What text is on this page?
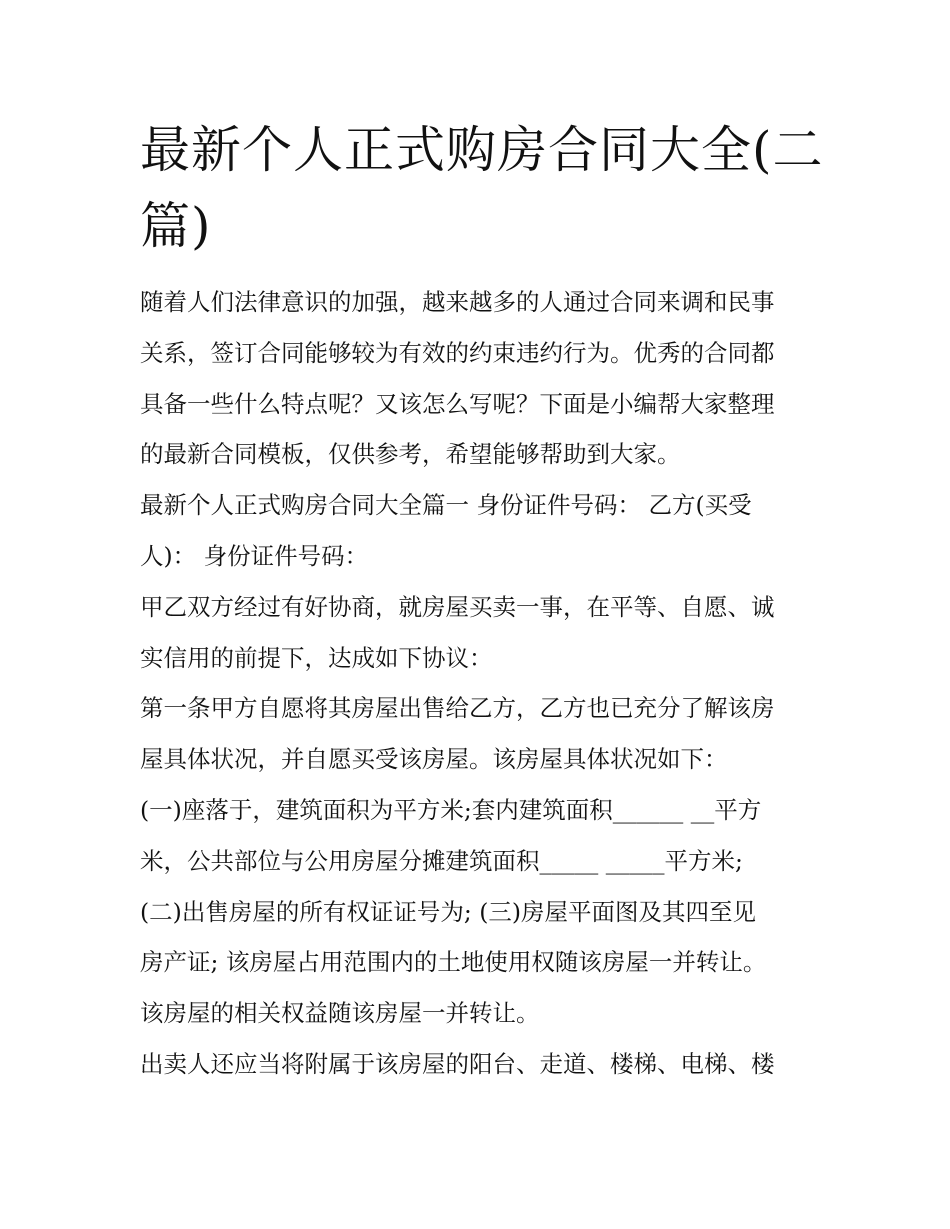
最新个人正式购房合同大全(二
篇)
随着人们法律意识的加强，越来越多的人通过合同来调和民事
关系，签订合同能够较为有效的约束违约行为。优秀的合同都
具备一些什么特点呢？又该怎么写呢？下面是小编帮大家整理
的最新合同模板，仅供参考，希望能够帮助到大家。
最新个人正式购房合同大全篇一 身份证件号码： 乙方(买受
人)： 身份证件号码：
甲乙双方经过有好协商，就房屋买卖一事，在平等、自愿、诚
实信用的前提下，达成如下协议：
第一条甲方自愿将其房屋出售给乙方，乙方也已充分了解该房
屋具体状况，并自愿买受该房屋。该房屋具体状况如下：
(一)座落于，建筑面积为平方米;套内建筑面积______ __平方
米，公共部位与公用房屋分摊建筑面积_____ _____平方米;
(二)出售房屋的所有权证证号为; (三)房屋平面图及其四至见
房产证; 该房屋占用范围内的土地使用权随该房屋一并转让。
该房屋的相关权益随该房屋一并转让。
出卖人还应当将附属于该房屋的阳台、走道、楼梯、电梯、楼
